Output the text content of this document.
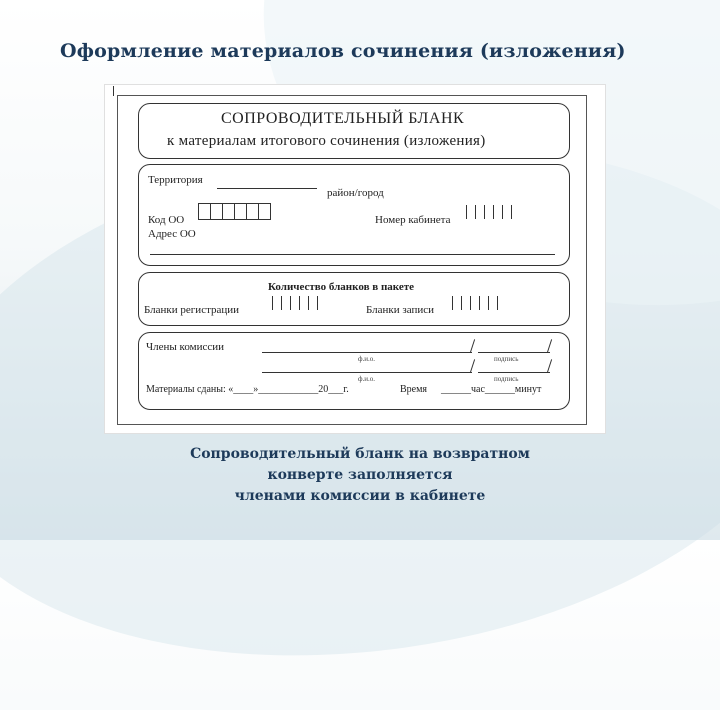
Оформление материалов сочинения (изложения)
СОПРОВОДИТЕЛЬНЫЙ БЛАНК
к материалам итогового сочинения (изложения)
Территория
район/город
Код ОО	Номер кабинета
Адрес ОО
Количество бланков в пакете
Бланки регистрации	Бланки записи
Члены комиссии
ф.и.о.	подпись
ф.и.о.	подпись
Материалы сданы: «____»____________20___г.	Время ______час______минут
Сопроводительный бланк на возвратном
конверте заполняется
членами комиссии в кабинете
